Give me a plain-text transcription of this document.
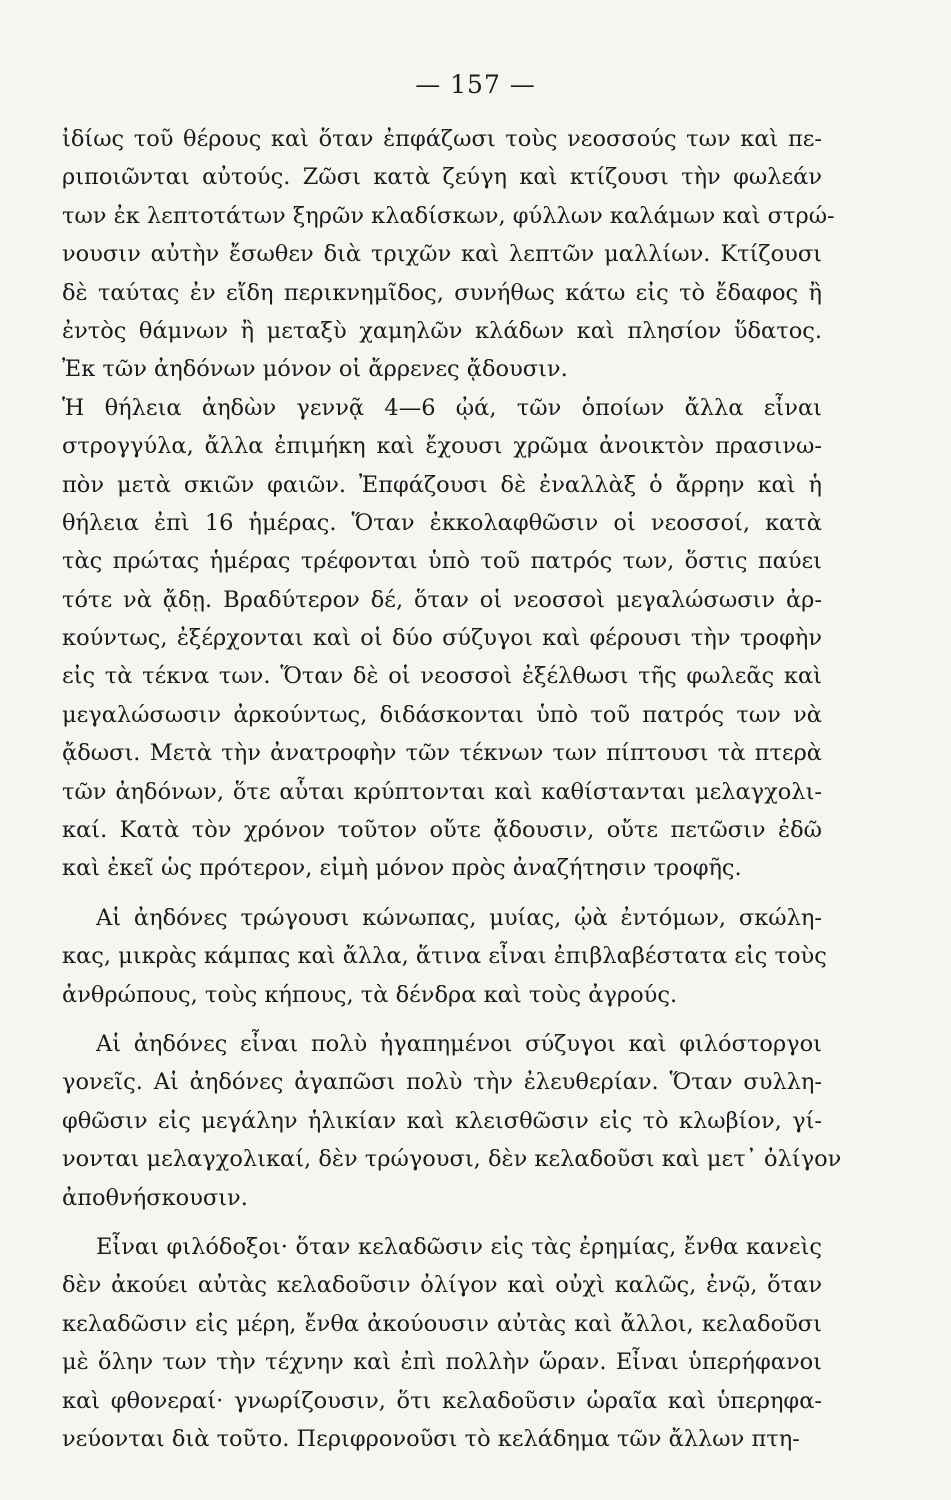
— 157 —
ἰδίως τοῦ θέρους καὶ ὅταν ἐπφάζωσι τοὺς νεοσσούς των καὶ πε-
ριποιῶνται αὐτούς. Ζῶσι κατὰ ζεύγη καὶ κτίζουσι τὴν φωλεάν
των ἐκ λεπτοτάτων ξηρῶν κλαδίσκων, φύλλων καλάμων καὶ στρώ-
νουσιν αὐτὴν ἔσωθεν διὰ τριχῶν καὶ λεπτῶν μαλλίων. Κτίζουσι
δὲ ταύτας ἐν εἴδη περικνημῖδος, συνήθως κάτω εἰς τὸ ἔδαφος ἢ
ἐντὸς θάμνων ἢ μεταξὺ χαμηλῶν κλάδων καὶ πλησίον ὕδατος.
Ἐκ τῶν ἀηδόνων μόνον οἱ ἄρρενες ᾄδουσιν.
Ἡ θήλεια ἀηδὼν γεννᾷ 4—6 ᾠά, τῶν ὁποίων ἄλλα εἶναι
στρογγύλα, ἄλλα ἐπιμήκη καὶ ἔχουσι χρῶμα ἀνοικτὸν πρασινω-
πὸν μετὰ σκιῶν φαιῶν. Ἐπφάζουσι δὲ ἐναλλὰξ ὁ ἄρρην καὶ ἡ
θήλεια ἐπὶ 16 ἡμέρας. Ὅταν ἐκκολαφθῶσιν οἱ νεοσσοί, κατὰ
τὰς πρώτας ἡμέρας τρέφονται ὑπὸ τοῦ πατρός των, ὅστις παύει
τότε νὰ ᾄδῃ. Βραδύτερον δέ, ὅταν οἱ νεοσσοὶ μεγαλώσωσιν ἀρ-
κούντως, ἐξέρχονται καὶ οἱ δύο σύζυγοι καὶ φέρουσι τὴν τροφὴν
εἰς τὰ τέκνα των. Ὅταν δὲ οἱ νεοσσοὶ ἐξέλθωσι τῆς φωλεᾶς καὶ
μεγαλώσωσιν ἀρκούντως, διδάσκονται ὑπὸ τοῦ πατρός των νὰ
ᾄδωσι. Μετὰ τὴν ἀνατροφὴν τῶν τέκνων των πίπτουσι τὰ πτερὰ
τῶν ἀηδόνων, ὅτε αὗται κρύπτονται καὶ καθίστανται μελαγχολι-
καί. Κατὰ τὸν χρόνον τοῦτον οὔτε ᾄδουσιν, οὔτε πετῶσιν ἐδῶ
καὶ ἐκεῖ ὡς πρότερον, εἰμὴ μόνον πρὸς ἀναζήτησιν τροφῆς.
Αἱ ἀηδόνες τρώγουσι κώνωπας, μυίας, ᾠὰ ἐντόμων, σκώλη-
κας, μικρὰς κάμπας καὶ ἄλλα, ἅτινα εἶναι ἐπιβλαβέστατα εἰς τοὺς
ἀνθρώπους, τοὺς κήπους, τὰ δένδρα καὶ τοὺς ἀγρούς.
Αἱ ἀηδόνες εἶναι πολὺ ἠγαπημένοι σύζυγοι καὶ φιλόστοργοι
γονεῖς. Αἱ ἀηδόνες ἀγαπῶσι πολὺ τὴν ἐλευθερίαν. Ὅταν συλλη-
φθῶσιν εἰς μεγάλην ἡλικίαν καὶ κλεισθῶσιν εἰς τὸ κλωβίον, γί-
νονται μελαγχολικαί, δὲν τρώγουσι, δὲν κελαδοῦσι καὶ μετ᾽ ὀλίγον
ἀποθνήσκουσιν.
Εἶναι φιλόδοξοι· ὅταν κελαδῶσιν εἰς τὰς ἐρημίας, ἔνθα κανεὶς
δὲν ἀκούει αὐτὰς κελαδοῦσιν ὀλίγον καὶ οὐχὶ καλῶς, ἐνῷ, ὅταν
κελαδῶσιν εἰς μέρη, ἔνθα ἀκούουσιν αὐτὰς καὶ ἄλλοι, κελαδοῦσι
μὲ ὅλην των τὴν τέχνην καὶ ἐπὶ πολλὴν ὥραν. Εἶναι ὑπερήφανοι
καὶ φθονεραί· γνωρίζουσιν, ὅτι κελαδοῦσιν ὡραῖα καὶ ὑπερηφα-
νεύονται διὰ τοῦτο. Περιφρονοῦσι τὸ κελάδημα τῶν ἄλλων πτη-
